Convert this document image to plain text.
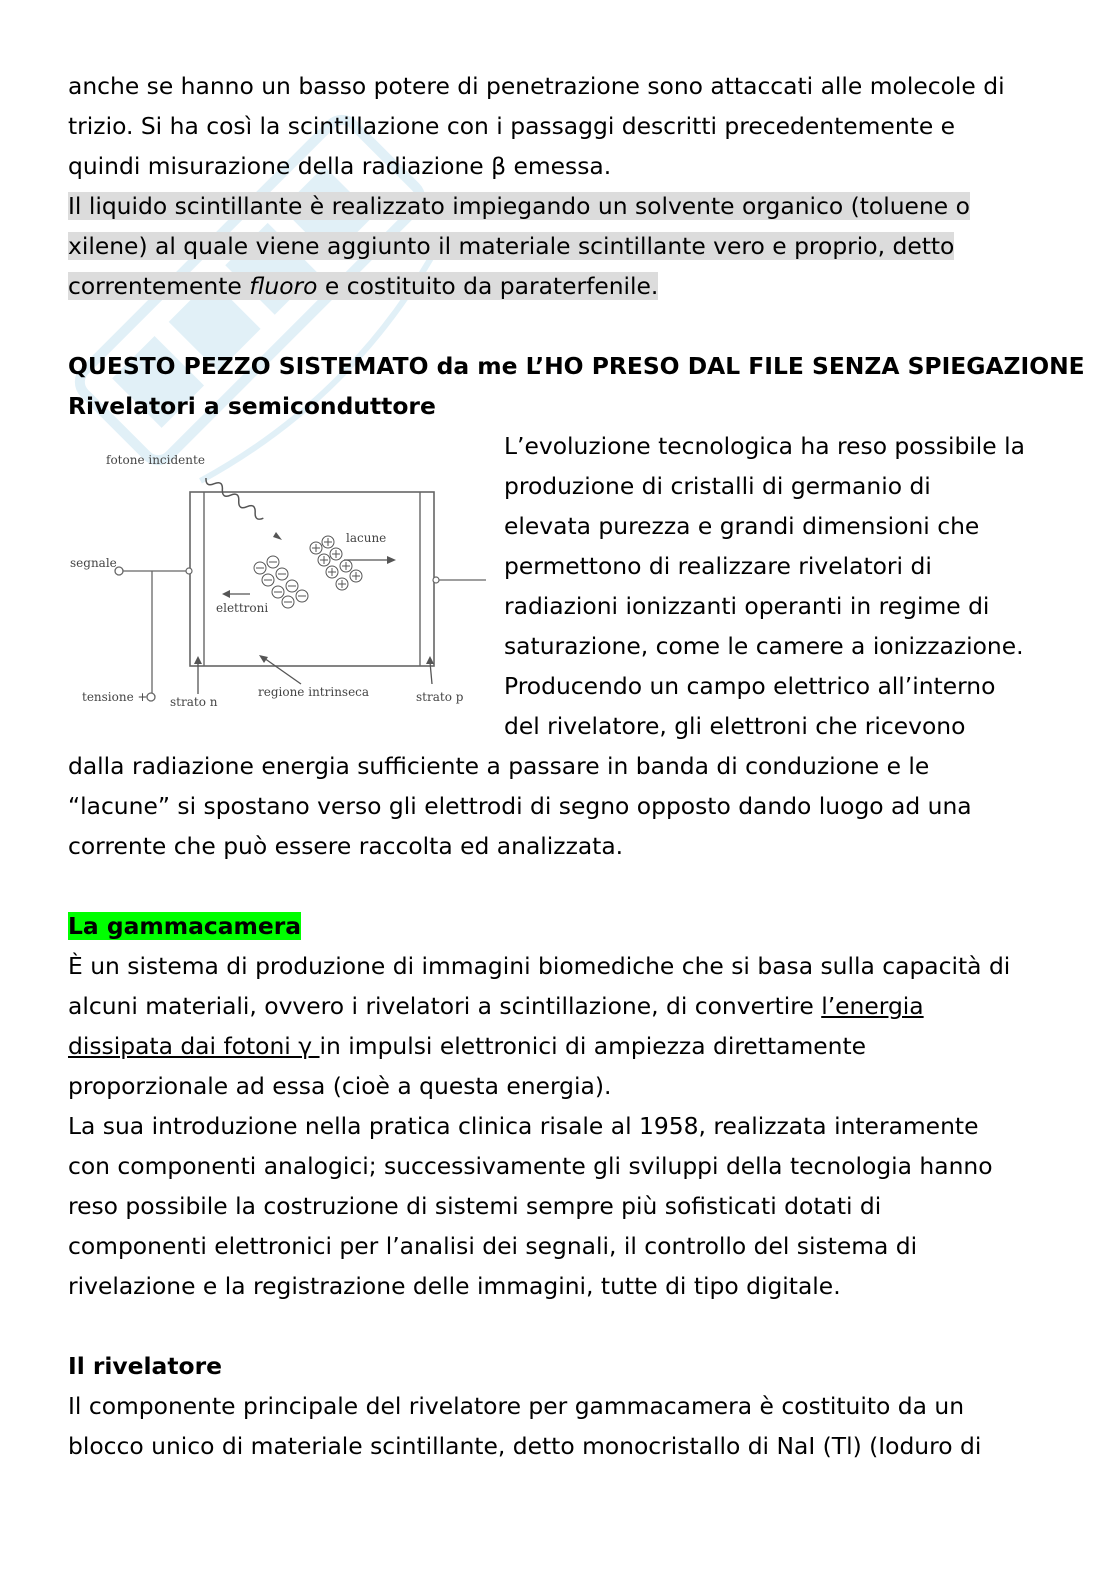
anche se hanno un basso potere di penetrazione sono attaccati alle molecole di
trizio. Si ha così la scintillazione con i passaggi descritti precedentemente e
quindi misurazione della radiazione β emessa.
Il liquido scintillante è realizzato impiegando un solvente organico (toluene o
xilene) al quale viene aggiunto il materiale scintillante vero e proprio, detto
correntemente fluoro e costituito da paraterfenile.
QUESTO PEZZO SISTEMATO da me L’HO PRESO DAL FILE SENZA SPIEGAZIONE
Rivelatori a semiconduttore
fotone incidente
segnale
lacune
elettroni
tensione + strato n
regione intrinseca	strato p
L’evoluzione tecnologica ha reso possibile la
produzione di cristalli di germanio di
elevata purezza e grandi dimensioni che
permettono di realizzare rivelatori di
radiazioni ionizzanti operanti in regime di
saturazione, come le camere a ionizzazione.
Producendo un campo elettrico all’interno
del rivelatore, gli elettroni che ricevono
dalla radiazione energia sufficiente a passare in banda di conduzione e le
“lacune” si spostano verso gli elettrodi di segno opposto dando luogo ad una
corrente che può essere raccolta ed analizzata.
La gammacamera
È un sistema di produzione di immagini biomediche che si basa sulla capacità di
alcuni materiali, ovvero i rivelatori a scintillazione, di convertire l’energia
dissipata dai fotoni γ in impulsi elettronici di ampiezza direttamente
proporzionale ad essa (cioè a questa energia).
La sua introduzione nella pratica clinica risale al 1958, realizzata interamente
con componenti analogici; successivamente gli sviluppi della tecnologia hanno
reso possibile la costruzione di sistemi sempre più sofisticati dotati di
componenti elettronici per l’analisi dei segnali, il controllo del sistema di
rivelazione e la registrazione delle immagini, tutte di tipo digitale.
Il rivelatore
Il componente principale del rivelatore per gammacamera è costituito da un
blocco unico di materiale scintillante, detto monocristallo di NaI (Tl) (Ioduro di
